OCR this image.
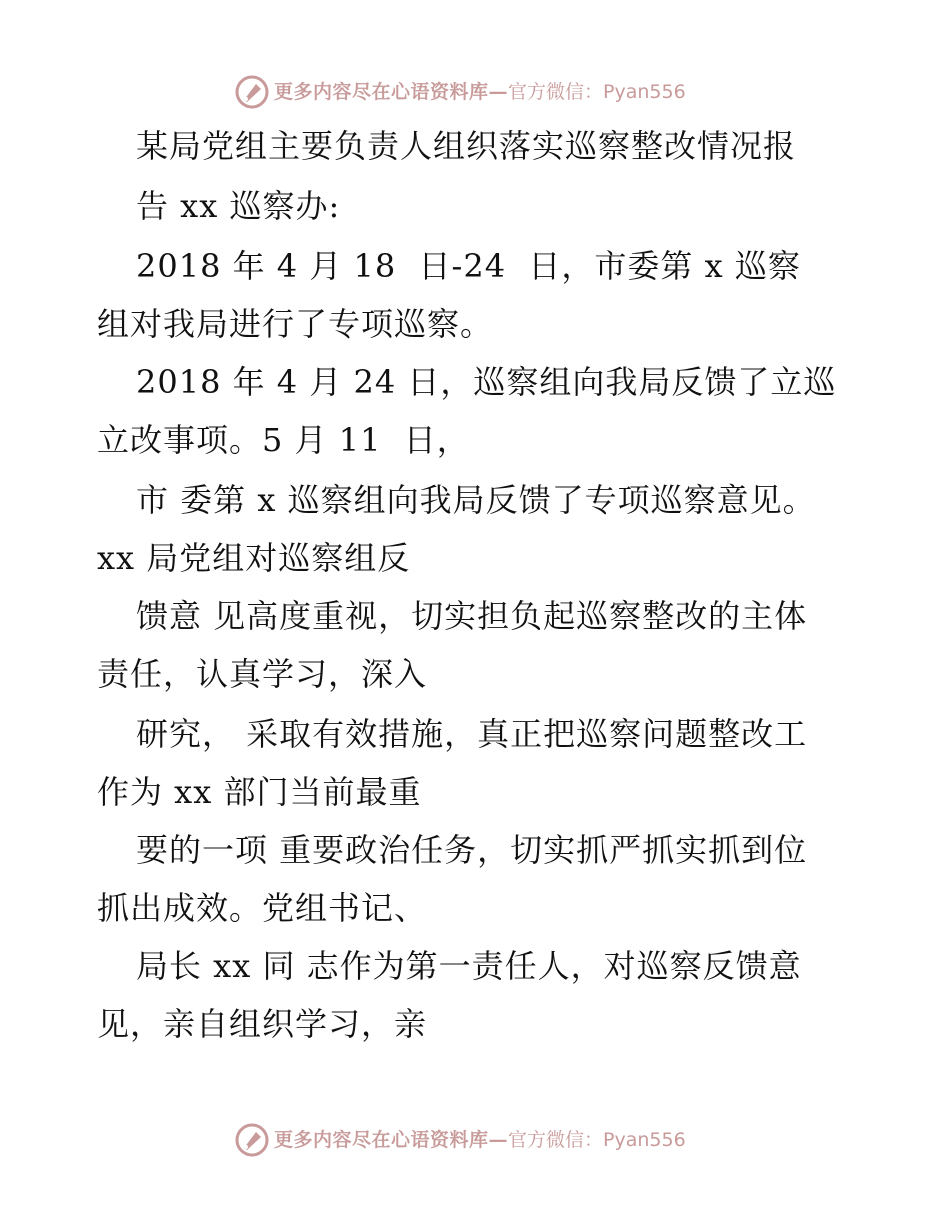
更多内容尽在心语资料库—官方微信：Pyan556
某局党组主要负责人组织落实巡察整改情况报
告 xx 巡察办:
2018 年 4 月 18  日-24  日，市委第 x 巡察
组对我局进行了专项巡察。
2018 年 4 月 24 日，巡察组向我局反馈了立巡
立改事项。5 月 11  日，
市 委第 x 巡察组向我局反馈了专项巡察意见。
xx 局党组对巡察组反
馈意 见高度重视，切实担负起巡察整改的主体
责任，认真学习，深入
研究， 采取有效措施，真正把巡察问题整改工
作为 xx 部门当前最重
要的一项 重要政治任务，切实抓严抓实抓到位
抓出成效。党组书记、
局长 xx 同 志作为第一责任人，对巡察反馈意
见，亲自组织学习，亲
更多内容尽在心语资料库—官方微信：Pyan556
